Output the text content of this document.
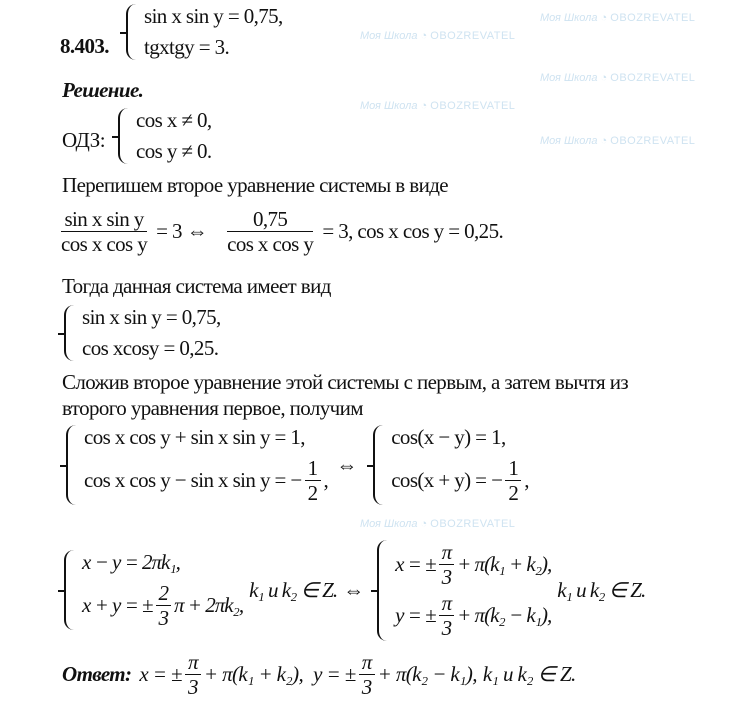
Моя Школа ◔ OBOZREVATEL
Моя Школа ◔ OBOZREVATEL
Моя Школа ◔ OBOZREVATEL
Моя Школа ◔ OBOZREVATEL
Моя Школа ◔ OBOZREVATEL
Моя Школа ◔ OBOZREVATEL
8.403.
sin x sin y = 0,75,
tgxtgy = 3.
Решение.
ОДЗ:
cos x ≠ 0,
cos y ≠ 0.
Перепишем второе уравнение системы в виде
$\frac{\text{sin x sin y}}{\text{cos x cos y}} = 3$ ⇔ $\frac{0,75}{\text{cos x cos y}} = 3$, cos x cos y = 0,25.
Тогда данная система имеет вид
sin x sin y = 0,75,
cos xcosy = 0,25.
Сложив второе уравнение этой системы с первым, а затем вычтя из
второго уравнения первое, получим
cos x cos y + sin x sin y = 1,
cos x cos y − sin x sin y = − $\frac{1}{2}$ ,
⇔
cos(x − y) = 1,
cos(x + y) = − $\frac{1}{2}$ ,
x − y = 2πk₁,
x + y = ± $\frac{2}{3}$ π + 2πk₂,
k₁ и k₂ ∈ Z. ⇔
x = ± $\frac{\pi}{3} + \pi(k_1 + k_2)$,
y = ± $\frac{\pi}{3} + \pi(k_2 - k_1)$,
k₁ и k₂ ∈ Z.
Ответ: x = ± $\frac{\pi}{3} + \pi(k_1 + k_2)$, y = ± $\frac{\pi}{3} + \pi(k_2 - k_1)$, k₁ и k₂ ∈ Z.
